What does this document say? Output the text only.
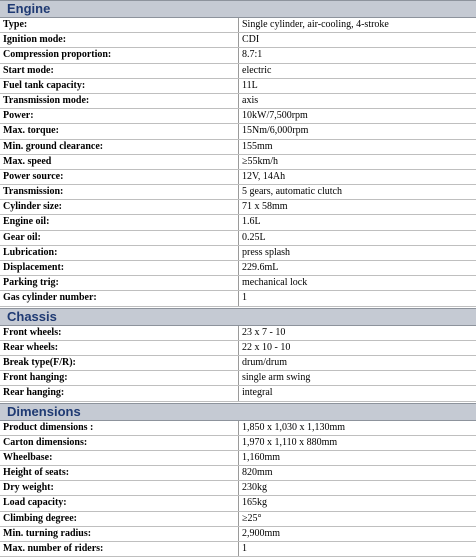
Engine
Type:	Single cylinder, air-cooling, 4-stroke
Ignition mode:	CDI
Compression proportion:	8.7:1
Start mode:	electric
Fuel tank capacity:	11L
Transmission mode:	axis
Power:	10kW/7,500rpm
Max. torque:	15Nm/6,000rpm
Min. ground clearance:	155mm
Max. speed	≥55km/h
Power source:	12V, 14Ah
Transmission:	5 gears, automatic clutch
Cylinder size:	71 x 58mm
Engine oil:	1.6L
Gear oil:	0.25L
Lubrication:	press splash
Displacement:	229.6mL
Parking trig:	mechanical lock
Gas cylinder number:	1
Chassis
Front wheels:	23 x 7 - 10
Rear wheels:	22 x 10 - 10
Break type(F/R):	drum/drum
Front hanging:	single arm swing
Rear hanging:	integral
Dimensions
Product dimensions :	1,850 x 1,030 x 1,130mm
Carton dimensions:	1,970 x 1,110 x 880mm
Wheelbase:	1,160mm
Height of seats:	820mm
Dry weight:	230kg
Load capacity:	165kg
Climbing degree:	≥25°
Min. turning radius:	2,900mm
Max. number of riders:	1
